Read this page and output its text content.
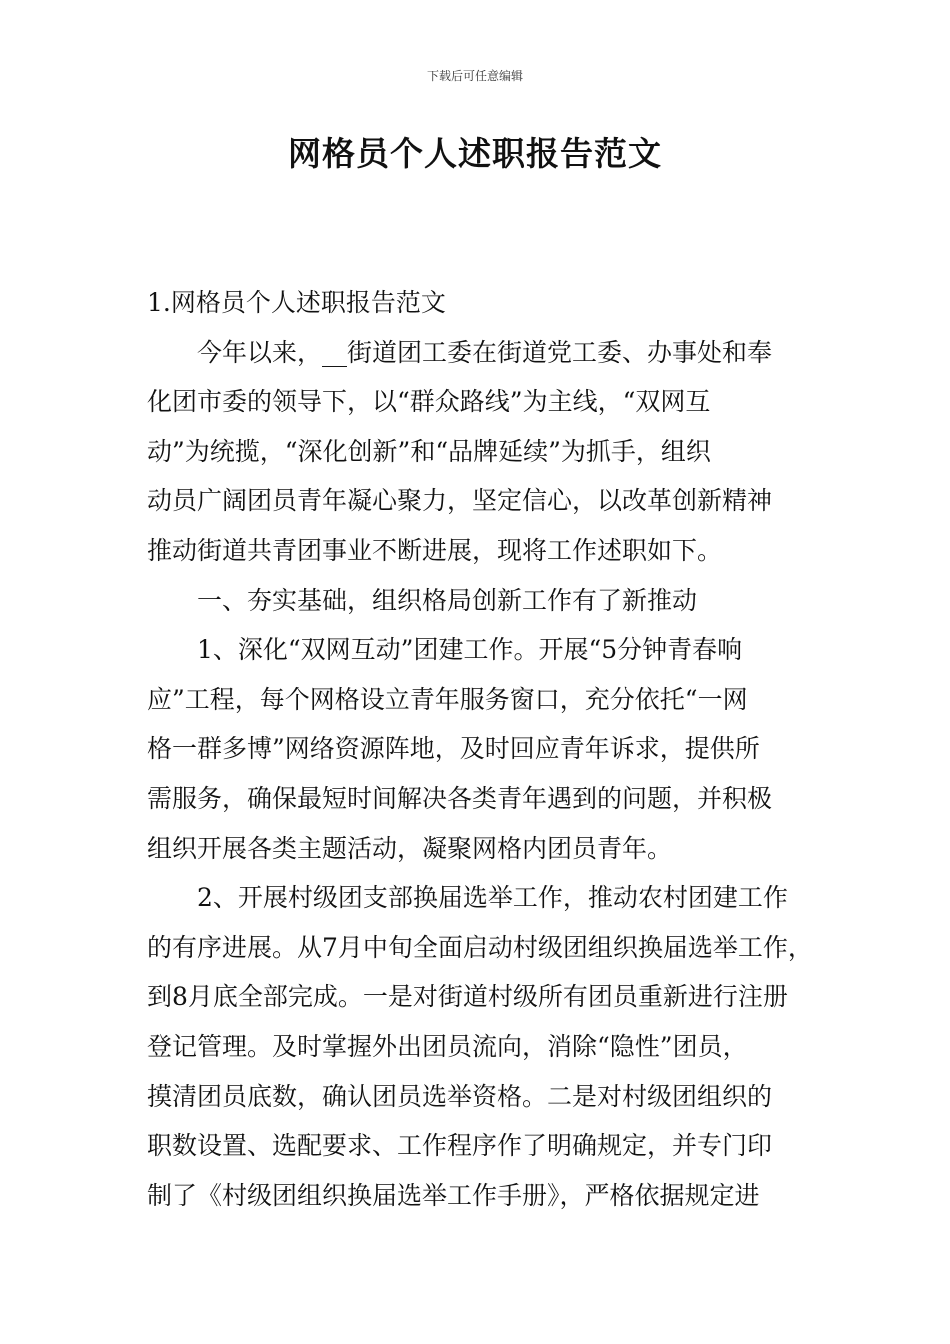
下载后可任意编辑
网格员个人述职报告范文
1.网格员个人述职报告范文
今年以来，__街道团工委在街道党工委、办事处和奉
化团市委的领导下，以“群众路线”为主线，“双网互
动”为统揽，“深化创新”和“品牌延续”为抓手，组织
动员广阔团员青年凝心聚力，坚定信心，以改革创新精神
推动街道共青团事业不断进展，现将工作述职如下。
一、夯实基础，组织格局创新工作有了新推动
1、深化“双网互动”团建工作。开展“5分钟青春响
应”工程，每个网格设立青年服务窗口，充分依托“一网
格一群多博”网络资源阵地，及时回应青年诉求，提供所
需服务，确保最短时间解决各类青年遇到的问题，并积极
组织开展各类主题活动，凝聚网格内团员青年。
2、开展村级团支部换届选举工作，推动农村团建工作
的有序进展。从7月中旬全面启动村级团组织换届选举工作，
到8月底全部完成。一是对街道村级所有团员重新进行注册
登记管理。及时掌握外出团员流向，消除“隐性”团员，
摸清团员底数，确认团员选举资格。二是对村级团组织的
职数设置、选配要求、工作程序作了明确规定，并专门印
制了《村级团组织换届选举工作手册》，严格依据规定进
